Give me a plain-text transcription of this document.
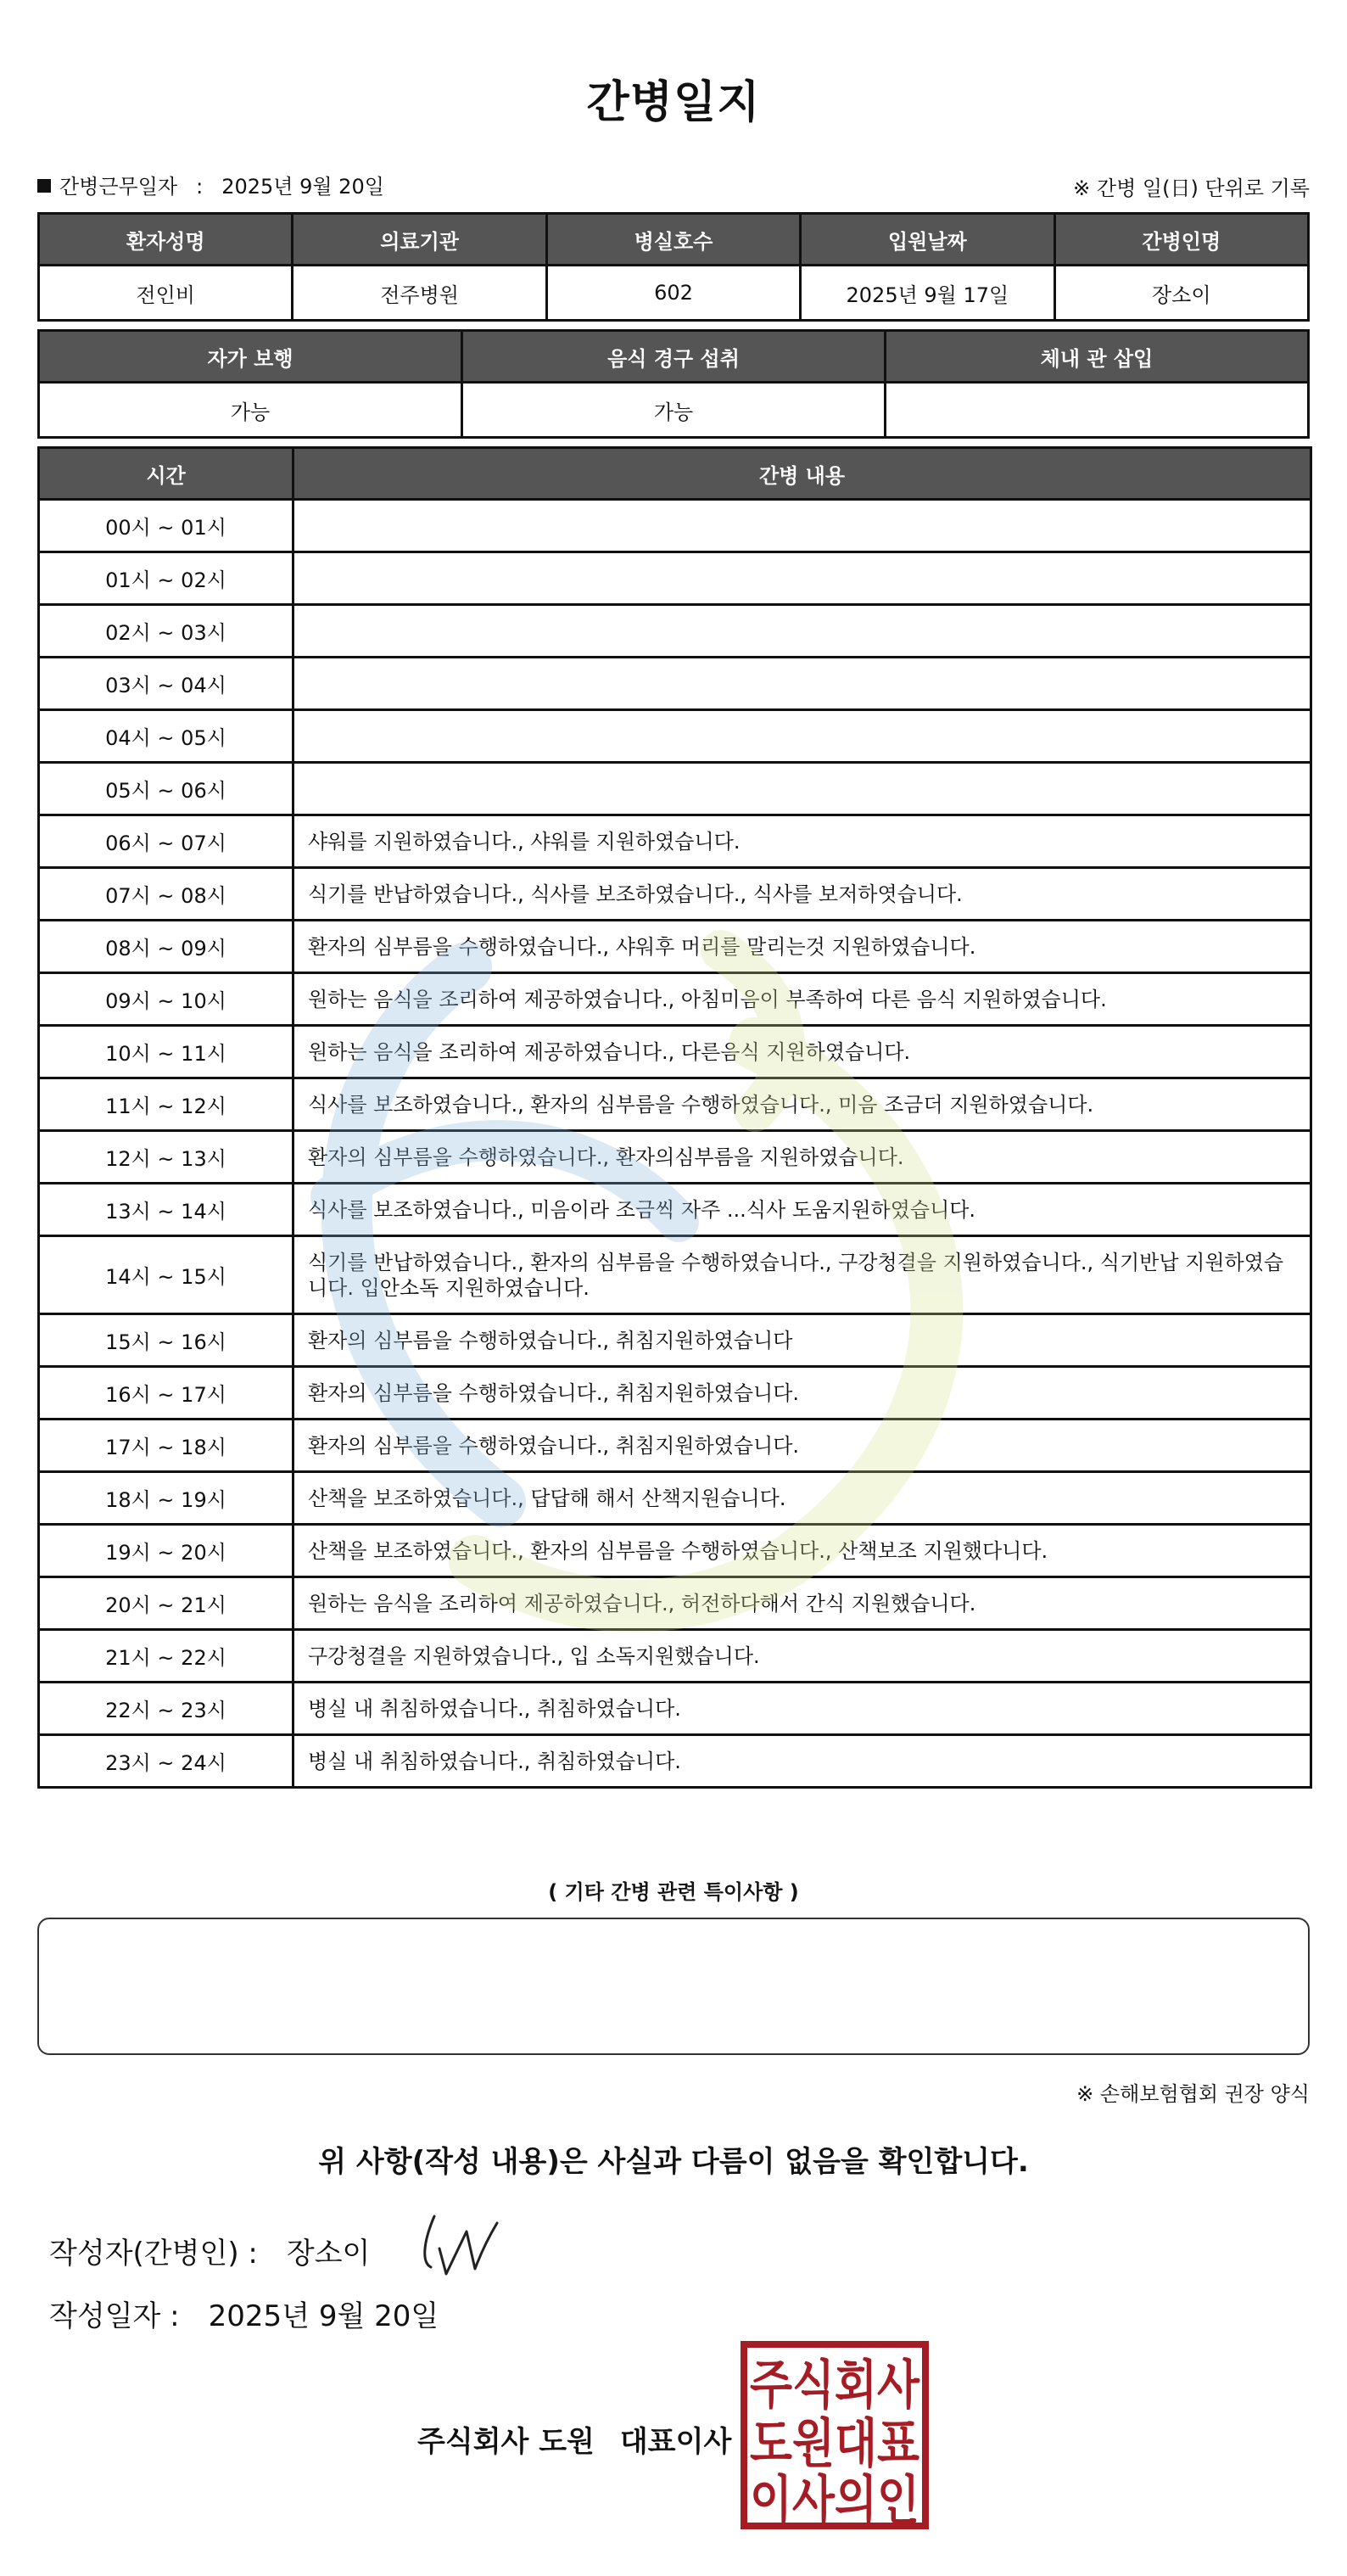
간병일지
간병근무일자 : 2025년 9월 20일	※ 간병 일(日) 단위로 기록
환자성명	의료기관	병실호수	입원날짜	간병인명
전인비	전주병원	602	2025년 9월 17일	장소이
자가 보행	음식 경구 섭취	체내 관 삽입
가능	가능	
시간	간병 내용
00시 ~ 01시	
01시 ~ 02시	
02시 ~ 03시	
03시 ~ 04시	
04시 ~ 05시	
05시 ~ 06시	
06시 ~ 07시	샤워를 지원하였습니다., 샤워를 지원하였습니다.
07시 ~ 08시	식기를 반납하였습니다., 식사를 보조하였습니다., 식사를 보저하엿습니다.
08시 ~ 09시	환자의 심부름을 수행하였습니다., 샤워후 머리를 말리는것 지원하였습니다.
09시 ~ 10시	원하는 음식을 조리하여 제공하였습니다., 아침미음이 부족하여 다른 음식 지원하였습니다.
10시 ~ 11시	원하는 음식을 조리하여 제공하였습니다., 다른음식 지원하였습니다.
11시 ~ 12시	식사를 보조하였습니다., 환자의 심부름을 수행하였습니다., 미음 조금더 지원하였습니다.
12시 ~ 13시	환자의 심부름을 수행하였습니다., 환자의심부름을 지원하였습니다.
13시 ~ 14시	식사를 보조하였습니다., 미음이라 조금씩 자주 ...식사 도움지원하였습니다.
14시 ~ 15시	식기를 반납하였습니다., 환자의 심부름을 수행하였습니다., 구강청결을 지원하였습니다., 식기반납 지원하였습니다. 입안소독 지원하였습니다.
15시 ~ 16시	환자의 심부름을 수행하였습니다., 취침지원하였습니다
16시 ~ 17시	환자의 심부름을 수행하였습니다., 취침지원하였습니다.
17시 ~ 18시	환자의 심부름을 수행하였습니다., 취침지원하였습니다.
18시 ~ 19시	산책을 보조하였습니다., 답답해 해서 산책지원습니다.
19시 ~ 20시	산책을 보조하였습니다., 환자의 심부름을 수행하였습니다., 산책보조 지원했다니다.
20시 ~ 21시	원하는 음식을 조리하여 제공하였습니다., 허전하다해서 간식 지원했습니다.
21시 ~ 22시	구강청결을 지원하였습니다., 입 소독지원했습니다.
22시 ~ 23시	병실 내 취침하였습니다., 취침하였습니다.
23시 ~ 24시	병실 내 취침하였습니다., 취침하였습니다.
( 기타 간병 관련 특이사항 )
※ 손해보험협회 권장 양식
위 사항(작성 내용)은 사실과 다름이 없음을 확인합니다.
작성자(간병인) : 장소이
작성일자 : 2025년 9월 20일
주식회사 도원 대표이사
주식회사
도원대표
이사의인
